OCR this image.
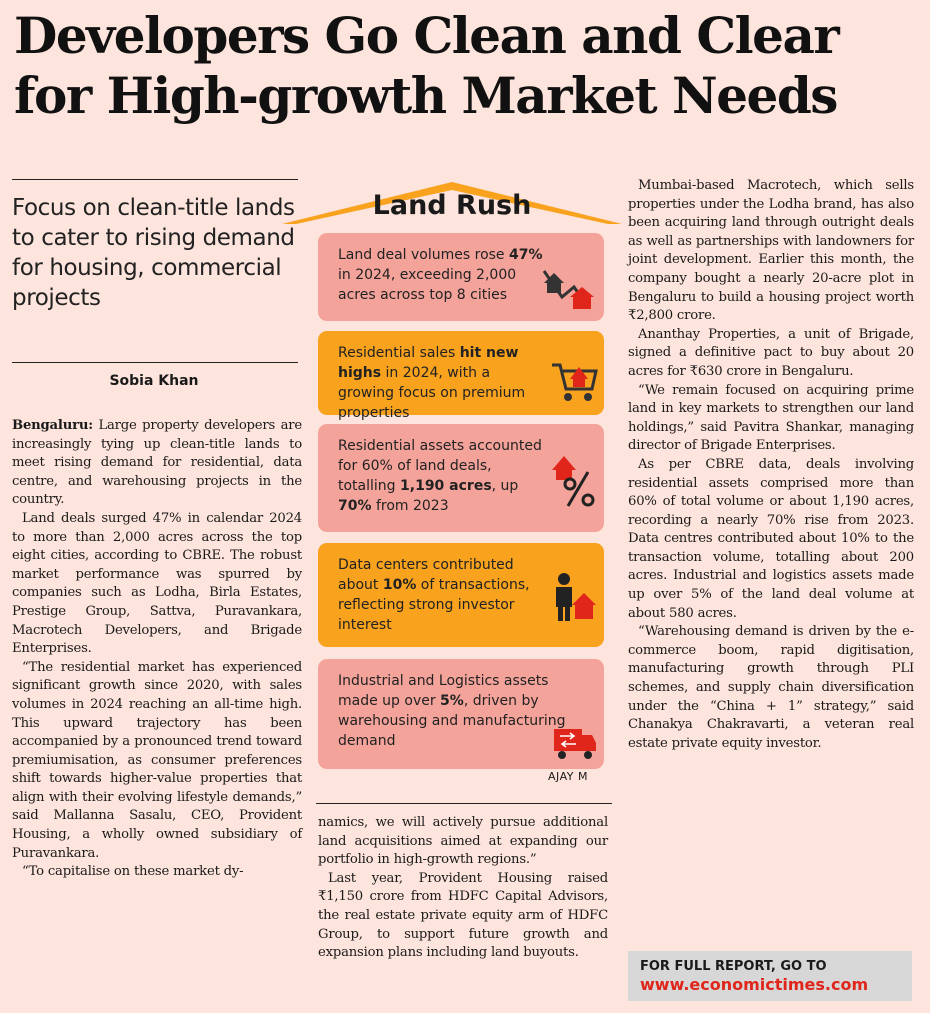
Developers Go Clean and Clear
for High-growth Market Needs
Focus on clean-title lands to cater to rising demand for housing, commercial projects
Sobia Khan

Bengaluru: Large property developers are increasingly tying up clean-title lands to meet rising demand for residential, data centre, and warehousing projects in the country.

Land deals surged 47% in calendar 2024 to more than 2,000 acres across the top eight cities, according to CBRE. The robust market performance was spurred by companies such as Lodha, Birla Estates, Prestige Group, Sattva, Puravankara, Macrotech Developers, and Brigade Enterprises.

“The residential market has experienced significant growth since 2020, with sales volumes in 2024 reaching an all-time high. This upward trajectory has been accompanied by a pronounced trend toward premiumisation, as consumer preferences shift towards higher-value properties that align with their evolving lifestyle demands,” said Mallanna Sasalu, CEO, Provident Housing, a wholly owned subsidiary of Puravankara.

“To capitalise on these market dy-

namics, we will actively pursue additional land acquisitions aimed at expanding our portfolio in high-growth regions.”

Last year, Provident Housing raised ₹1,150 crore from HDFC Capital Advisors, the real estate private equity arm of HDFC Group, to support future growth and expansion plans including land buyouts.

Mumbai-based Macrotech, which sells properties under the Lodha brand, has also been acquiring land through outright deals as well as partnerships with landowners for joint development. Earlier this month, the company bought a nearly 20-acre plot in Bengaluru to build a housing project worth ₹2,800 crore.

Ananthay Properties, a unit of Brigade, signed a definitive pact to buy about 20 acres for ₹630 crore in Bengaluru.

“We remain focused on acquiring prime land in key markets to strengthen our land holdings,” said Pavitra Shankar, managing director of Brigade Enterprises.

As per CBRE data, deals involving residential assets comprised more than 60% of total volume or about 1,190 acres, recording a nearly 70% rise from 2023. Data centres contributed about 10% to the transaction volume, totalling about 200 acres. Industrial and logistics assets made up over 5% of the land deal volume at about 580 acres.

“Warehousing demand is driven by the e-commerce boom, rapid digitisation, manufacturing growth through PLI schemes, and supply chain diversification under the “China + 1” strategy,” said Chanakya Chakravarti, a veteran real estate private equity investor.

Land Rush
Land deal volumes rose 47% in 2024, exceeding 2,000 acres across top 8 cities
Residential sales hit new highs in 2024, with a growing focus on premium properties
Residential assets accounted for 60% of land deals, totalling 1,190 acres, up 70% from 2023
Data centers contributed about 10% of transactions, reflecting strong investor interest
Industrial and Logistics assets made up over 5%, driven by warehousing and manufacturing demand
AJAY M
FOR FULL REPORT, GO TO
www.economictimes.com
